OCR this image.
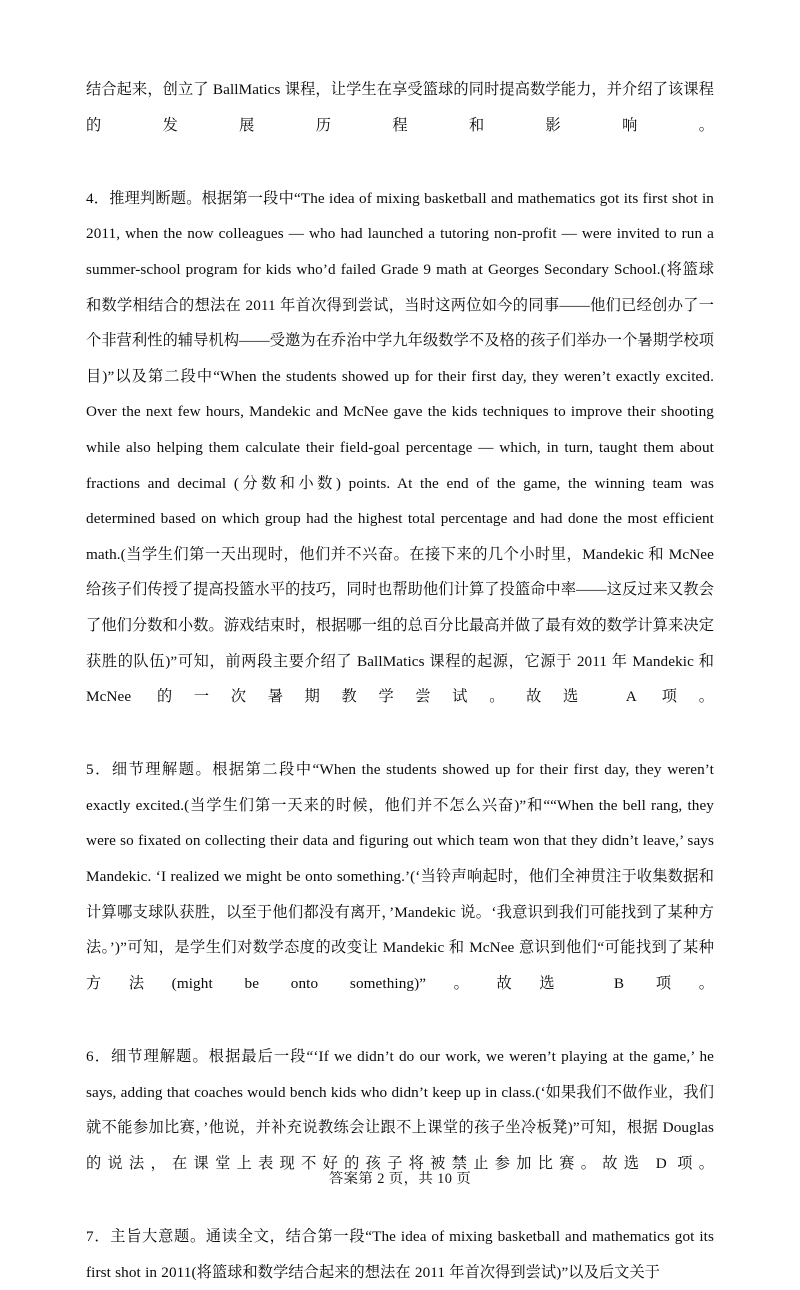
结合起来，创立了 BallMatics 课程，让学生在享受篮球的同时提高数学能力，并介绍了该课程的发展历程和影响。

4．推理判断题。根据第一段中“The idea of mixing basketball and mathematics got its first shot in 2011, when the now colleagues — who had launched a tutoring non-profit — were invited to run a summer-school program for kids who’d failed Grade 9 math at Georges Secondary School.(将篮球和数学相结合的想法在 2011 年首次得到尝试，当时这两位如今的同事——他们已经创办了一个非营利性的辅导机构——受邀为在乔治中学九年级数学不及格的孩子们举办一个暑期学校项目)”以及第二段中“When the students showed up for their first day, they weren’t exactly excited. Over the next few hours, Mandekic and McNee gave the kids techniques to improve their shooting while also helping them calculate their field-goal percentage — which, in turn, taught them about fractions and decimal (分数和小数) points. At the end of the game, the winning team was determined based on which group had the highest total percentage and had done the most efficient math.(当学生们第一天出现时，他们并不兴奋。在接下来的几个小时里，Mandekic 和 McNee 给孩子们传授了提高投篮水平的技巧，同时也帮助他们计算了投篮命中率——这反过来又教会了他们分数和小数。游戏结束时，根据哪一组的总百分比最高并做了最有效的数学计算来决定获胜的队伍)”可知，前两段主要介绍了 BallMatics 课程的起源，它源于 2011 年 Mandekic 和 McNee 的一次暑期教学尝试。故选 A 项。

5．细节理解题。根据第二段中“When the students showed up for their first day, they weren’t exactly excited.(当学生们第一天来的时候，他们并不怎么兴奋)”和““When the bell rang, they were so fixated on collecting their data and figuring out which team won that they didn’t leave,’ says Mandekic. ‘I realized we might be onto something.’(‘当铃声响起时，他们全神贯注于收集数据和计算哪支球队获胜，以至于他们都没有离开，’Mandekic 说。‘我意识到我们可能找到了某种方法。’)”可知，是学生们对数学态度的改变让 Mandekic 和 McNee 意识到他们“可能找到了某种方法(might be onto something)”。故选 B 项。

6．细节理解题。根据最后一段“‘If we didn’t do our work, we weren’t playing at the game,’ he says, adding that coaches would bench kids who didn’t keep up in class.(‘如果我们不做作业，我们就不能参加比赛，’他说，并补充说教练会让跟不上课堂的孩子坐冷板凳)”可知，根据 Douglas 的说法，在课堂上表现不好的孩子将被禁止参加比赛。故选 D 项。

7．主旨大意题。通读全文，结合第一段“The idea of mixing basketball and mathematics got its first shot in 2011(将篮球和数学结合起来的想法在 2011 年首次得到尝试)”以及后文关于

答案第 2 页，共 10 页
